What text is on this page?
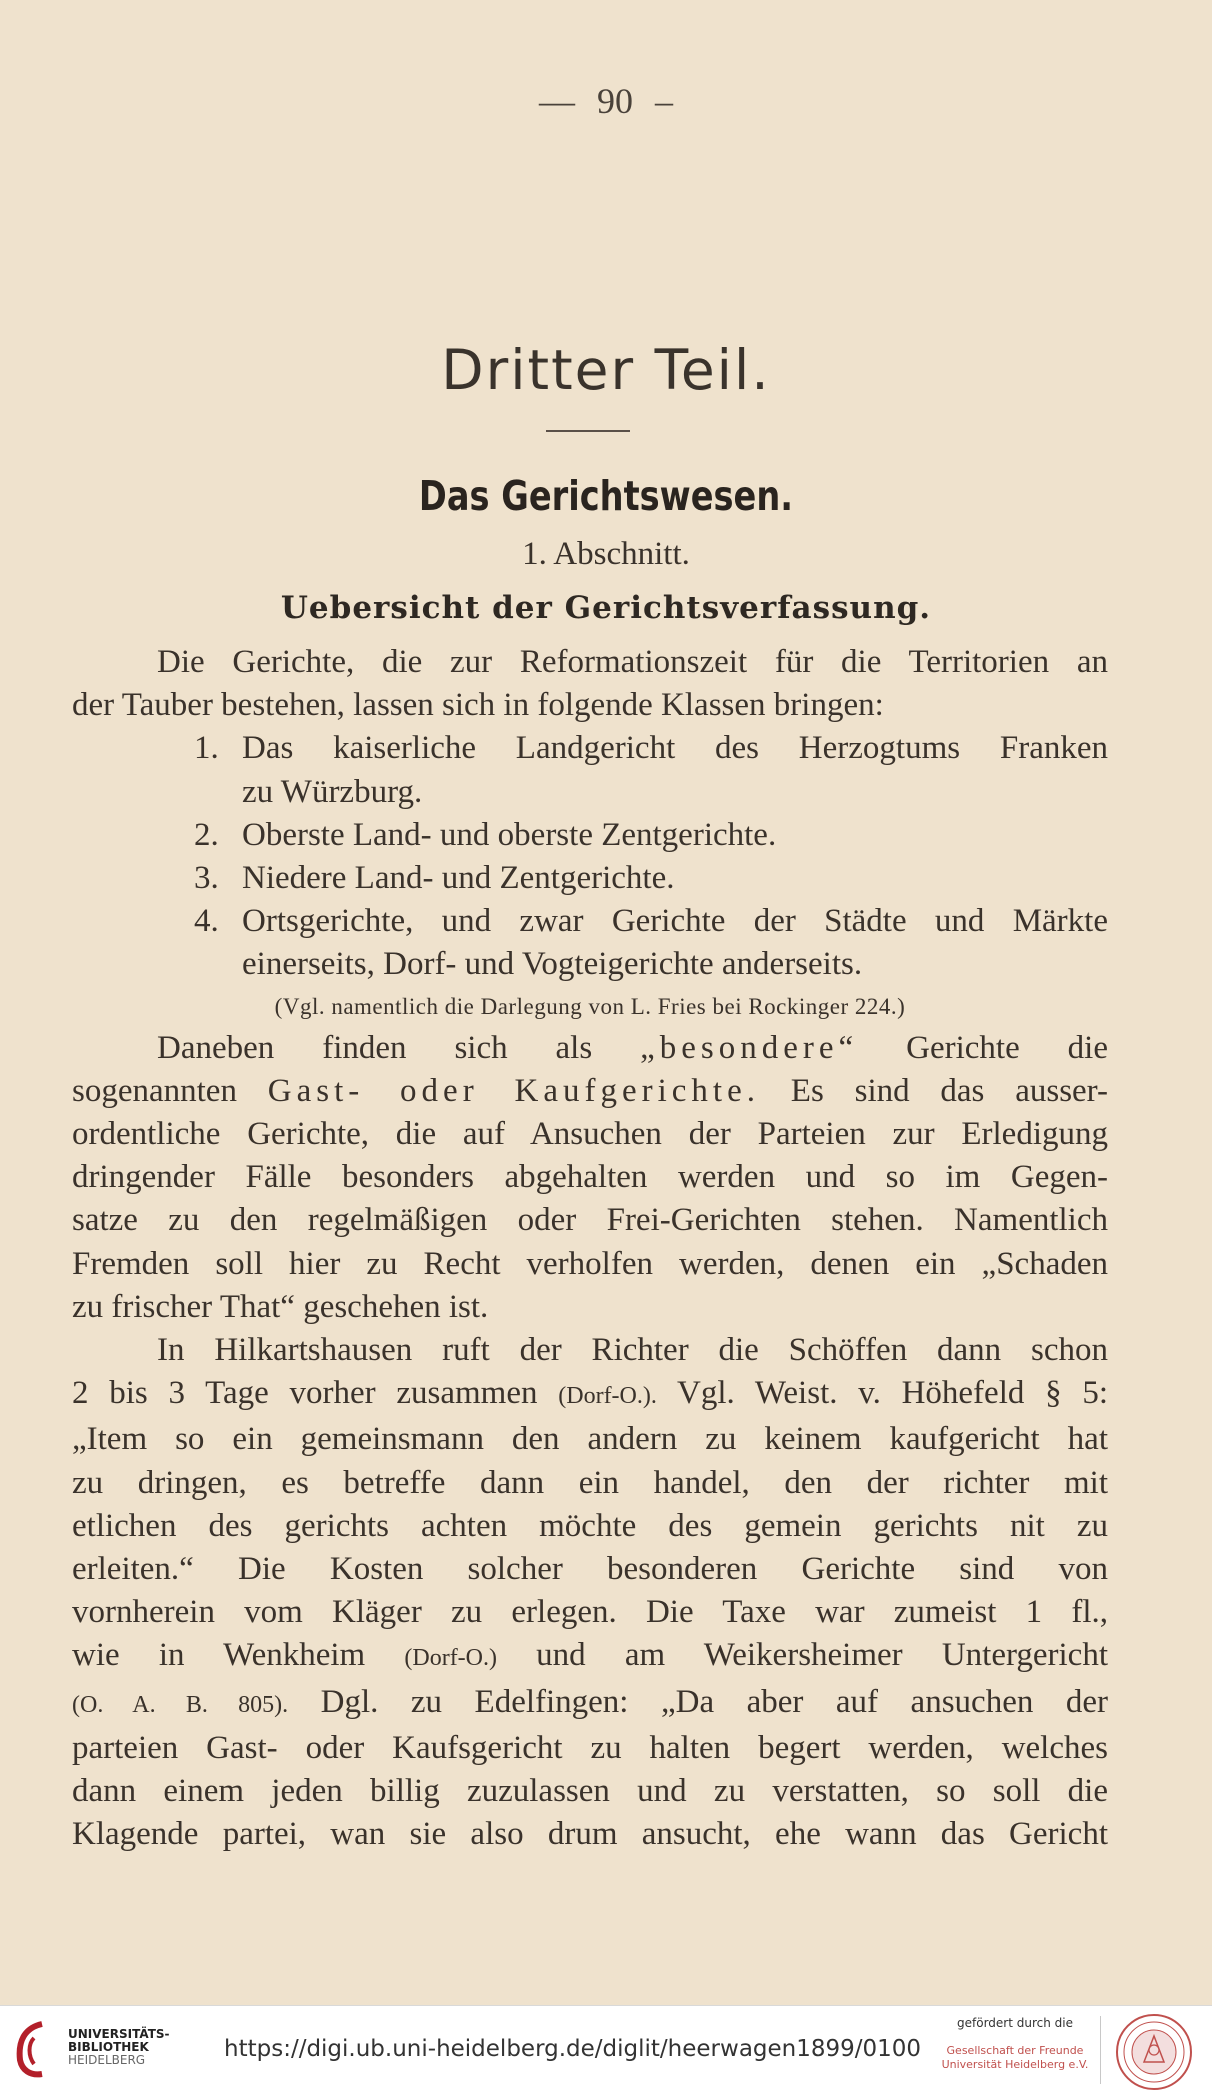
— 90 –
Dritter Teil.
Das Gerichtswesen.
1. Abschnitt.
Uebersicht der Gerichtsverfassung.

Die Gerichte, die zur Reformationszeit für die Territorien an
der Tauber bestehen, lassen sich in folgende Klassen bringen:

1. Das kaiserliche Landgericht des Herzogtums Franken
zu Würzburg.
2. Oberste Land- und oberste Zentgerichte.
3. Niedere Land- und Zentgerichte.
4. Ortsgerichte, und zwar Gerichte der Städte und Märkte
einerseits, Dorf- und Vogteigerichte anderseits.
(Vgl. namentlich die Darlegung von L. Fries bei Rockinger 224.)

Daneben finden sich als „besondere“ Gerichte die
sogenannten Gast- oder Kaufgerichte. Es sind das ausser-
ordentliche Gerichte, die auf Ansuchen der Parteien zur Erledigung
dringender Fälle besonders abgehalten werden und so im Gegen-
satze zu den regelmäßigen oder Frei-Gerichten stehen. Namentlich
Fremden soll hier zu Recht verholfen werden, denen ein „Schaden
zu frischer That“ geschehen ist.

In Hilkartshausen ruft der Richter die Schöffen dann schon
2 bis 3 Tage vorher zusammen (Dorf-O.). Vgl. Weist. v. Höhefeld § 5:
„Item so ein gemeinsmann den andern zu keinem kaufgericht hat
zu dringen, es betreffe dann ein handel, den der richter mit
etlichen des gerichts achten möchte des gemein gerichts nit zu
erleiten.“ Die Kosten solcher besonderen Gerichte sind von
vornherein vom Kläger zu erlegen. Die Taxe war zumeist 1 fl.,
wie in Wenkheim (Dorf-O.) und am Weikersheimer Untergericht
(O. A. B. 805). Dgl. zu Edelfingen: „Da aber auf ansuchen der
parteien Gast- oder Kaufsgericht zu halten begert werden, welches
dann einem jeden billig zuzulassen und zu verstatten, so soll die
Klagende partei, wan sie also drum ansucht, ehe wann das Gericht

UNIVERSITÄTS-
BIBLIOTHEK
HEIDELBERG	https://digi.ub.uni-heidelberg.de/diglit/heerwagen1899/0100
gefördert durch die
Gesellschaft der Freunde
Universität Heidelberg e.V.
